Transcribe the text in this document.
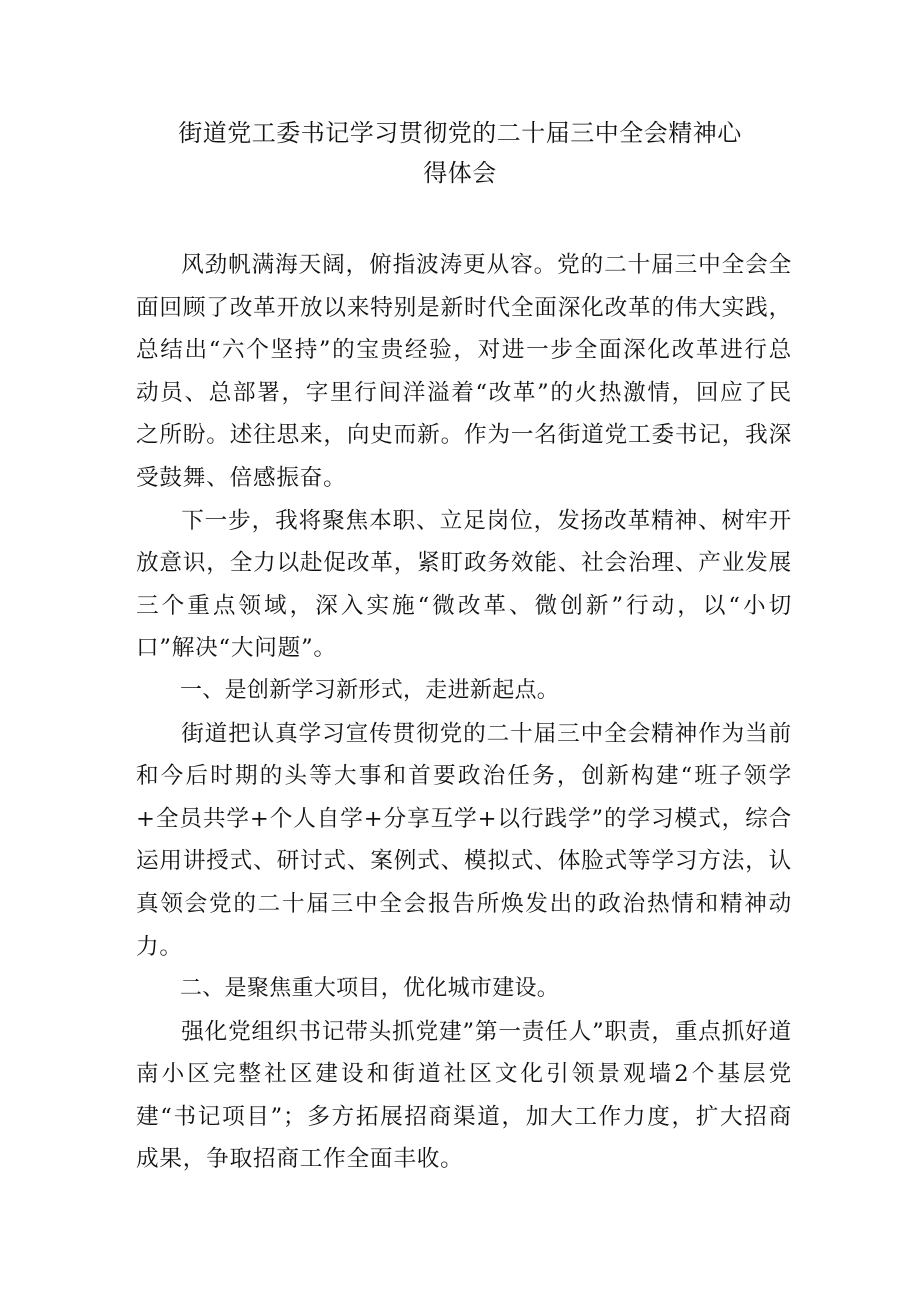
街道党工委书记学习贯彻党的二十届三中全会精神心
得体会

风劲帆满海天阔，俯指波涛更从容。党的二十届三中全会全面回顾了改革开放以来特别是新时代全面深化改革的伟大实践，总结出“六个坚持”的宝贵经验，对进一步全面深化改革进行总动员、总部署，字里行间洋溢着“改革”的火热激情，回应了民之所盼。述往思来，向史而新。作为一名街道党工委书记，我深受鼓舞、倍感振奋。

下一步，我将聚焦本职、立足岗位，发扬改革精神、树牢开放意识，全力以赴促改革，紧盯政务效能、社会治理、产业发展三个重点领域，深入实施“微改革、微创新”行动，以“小切口”解决“大问题”。

一、是创新学习新形式，走进新起点。

街道把认真学习宣传贯彻党的二十届三中全会精神作为当前和今后时期的头等大事和首要政治任务，创新构建“班子领学+全员共学+个人自学+分享互学+以行践学”的学习模式，综合运用讲授式、研讨式、案例式、模拟式、体脸式等学习方法，认真领会党的二十届三中全会报告所焕发出的政治热情和精神动力。

二、是聚焦重大项目，优化城市建设。

强化党组织书记带头抓党建”第一责任人”职责，重点抓好道南小区完整社区建设和街道社区文化引领景观墙2个基层党建“书记项目”；多方拓展招商渠道，加大工作力度，扩大招商成果，争取招商工作全面丰收。
